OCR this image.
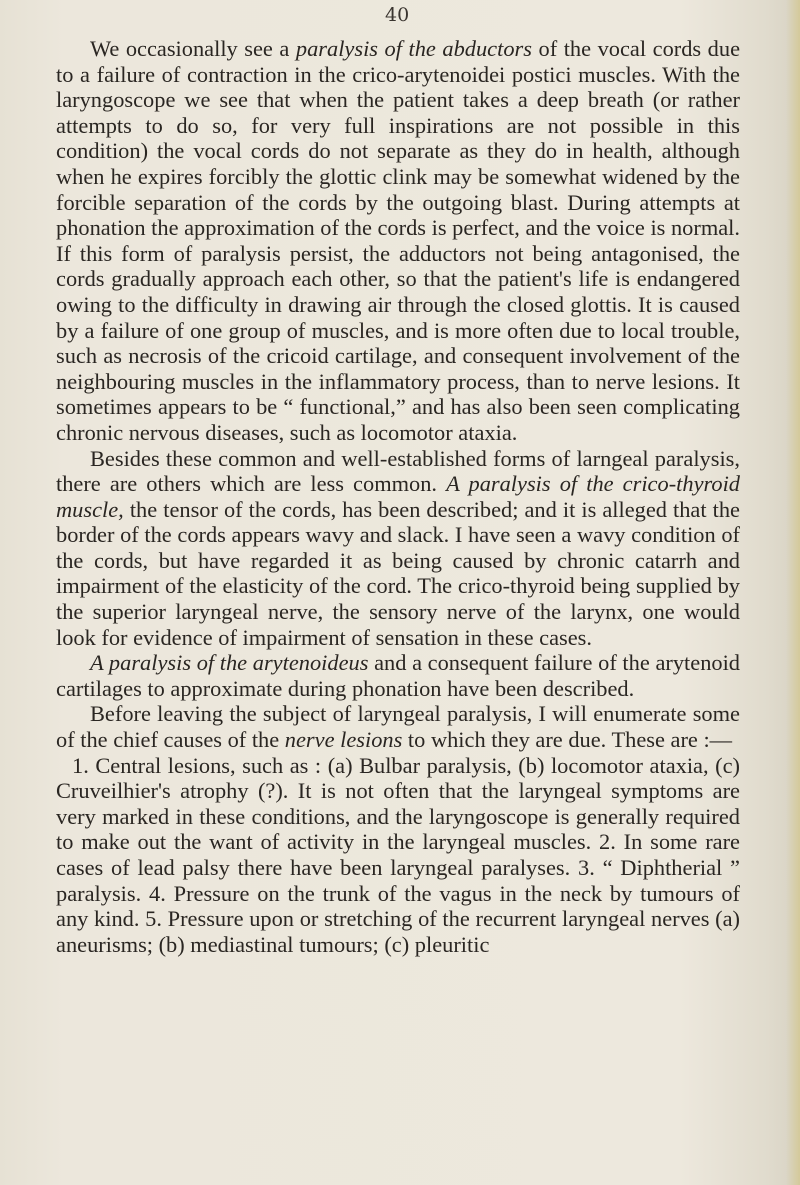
40

We occasionally see a paralysis of the abductors of the vocal cords due to a failure of contraction in the crico-arytenoidei postici muscles. With the laryngoscope we see that when the patient takes a deep breath (or rather attempts to do so, for very full inspirations are not possible in this condition) the vocal cords do not separate as they do in health, although when he expires forcibly the glottic clink may be somewhat widened by the forcible separation of the cords by the outgoing blast. During attempts at phonation the approximation of the cords is perfect, and the voice is normal. If this form of paralysis persist, the adductors not being antagonised, the cords gradually approach each other, so that the patient's life is endangered owing to the difficulty in drawing air through the closed glottis. It is caused by a failure of one group of muscles, and is more often due to local trouble, such as necrosis of the cricoid cartilage, and consequent involvement of the neighbouring muscles in the inflammatory process, than to nerve lesions. It sometimes appears to be “ functional,” and has also been seen complicating chronic nervous diseases, such as locomotor ataxia.

Besides these common and well-established forms of larngeal paralysis, there are others which are less common. A paralysis of the crico-thyroid muscle, the tensor of the cords, has been described; and it is alleged that the border of the cords appears wavy and slack. I have seen a wavy condition of the cords, but have regarded it as being caused by chronic catarrh and impairment of the elasticity of the cord. The crico-thyroid being supplied by the superior laryngeal nerve, the sensory nerve of the larynx, one would look for evidence of impairment of sensation in these cases.

A paralysis of the arytenoideus and a consequent failure of the arytenoid cartilages to approximate during phonation have been described.

Before leaving the subject of laryngeal paralysis, I will enumerate some of the chief causes of the nerve lesions to which they are due. These are :—

1. Central lesions, such as : (a) Bulbar paralysis, (b) locomotor ataxia, (c) Cruveilhier's atrophy (?). It is not often that the laryngeal symptoms are very marked in these conditions, and the laryngoscope is generally required to make out the want of activity in the laryngeal muscles. 2. In some rare cases of lead palsy there have been laryngeal paralyses. 3. “ Diphtherial ” paralysis. 4. Pressure on the trunk of the vagus in the neck by tumours of any kind. 5. Pressure upon or stretching of the recurrent laryngeal nerves (a) aneurisms; (b) mediastinal tumours; (c) pleuritic
